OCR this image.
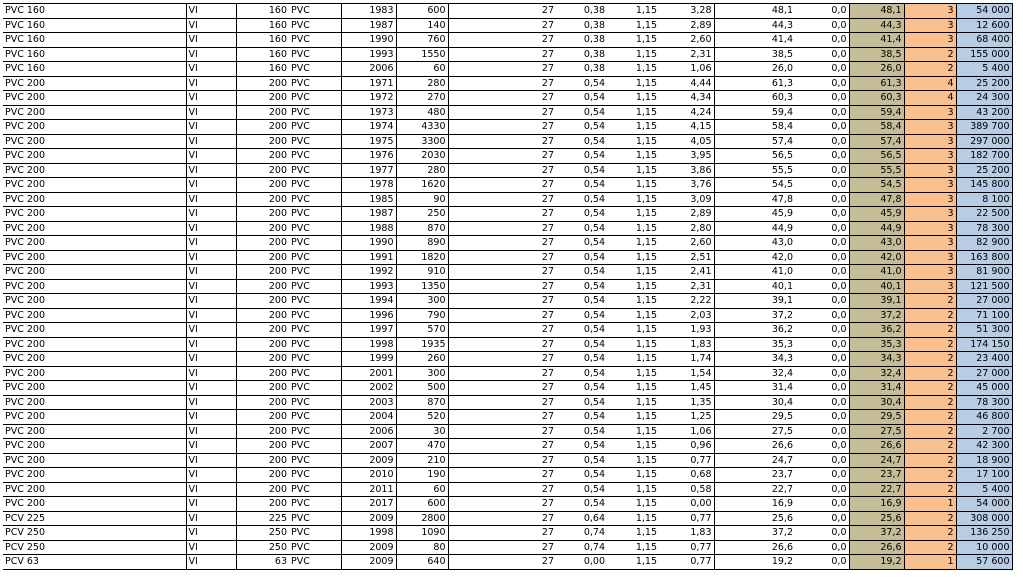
PVC 160	VI	160	PVC	1983	600	27	0,38	1,15	3,28	48,1	0,0	48,1	3	54 000
PVC 160	VI	160	PVC	1987	140	27	0,38	1,15	2,89	44,3	0,0	44,3	3	12 600
PVC 160	VI	160	PVC	1990	760	27	0,38	1,15	2,60	41,4	0,0	41,4	3	68 400
PVC 160	VI	160	PVC	1993	1550	27	0,38	1,15	2,31	38,5	0,0	38,5	2	155 000
PVC 160	VI	160	PVC	2006	60	27	0,38	1,15	1,06	26,0	0,0	26,0	2	5 400
PVC 200	VI	200	PVC	1971	280	27	0,54	1,15	4,44	61,3	0,0	61,3	4	25 200
PVC 200	VI	200	PVC	1972	270	27	0,54	1,15	4,34	60,3	0,0	60,3	4	24 300
PVC 200	VI	200	PVC	1973	480	27	0,54	1,15	4,24	59,4	0,0	59,4	3	43 200
PVC 200	VI	200	PVC	1974	4330	27	0,54	1,15	4,15	58,4	0,0	58,4	3	389 700
PVC 200	VI	200	PVC	1975	3300	27	0,54	1,15	4,05	57,4	0,0	57,4	3	297 000
PVC 200	VI	200	PVC	1976	2030	27	0,54	1,15	3,95	56,5	0,0	56,5	3	182 700
PVC 200	VI	200	PVC	1977	280	27	0,54	1,15	3,86	55,5	0,0	55,5	3	25 200
PVC 200	VI	200	PVC	1978	1620	27	0,54	1,15	3,76	54,5	0,0	54,5	3	145 800
PVC 200	VI	200	PVC	1985	90	27	0,54	1,15	3,09	47,8	0,0	47,8	3	8 100
PVC 200	VI	200	PVC	1987	250	27	0,54	1,15	2,89	45,9	0,0	45,9	3	22 500
PVC 200	VI	200	PVC	1988	870	27	0,54	1,15	2,80	44,9	0,0	44,9	3	78 300
PVC 200	VI	200	PVC	1990	890	27	0,54	1,15	2,60	43,0	0,0	43,0	3	82 900
PVC 200	VI	200	PVC	1991	1820	27	0,54	1,15	2,51	42,0	0,0	42,0	3	163 800
PVC 200	VI	200	PVC	1992	910	27	0,54	1,15	2,41	41,0	0,0	41,0	3	81 900
PVC 200	VI	200	PVC	1993	1350	27	0,54	1,15	2,31	40,1	0,0	40,1	3	121 500
PVC 200	VI	200	PVC	1994	300	27	0,54	1,15	2,22	39,1	0,0	39,1	2	27 000
PVC 200	VI	200	PVC	1996	790	27	0,54	1,15	2,03	37,2	0,0	37,2	2	71 100
PVC 200	VI	200	PVC	1997	570	27	0,54	1,15	1,93	36,2	0,0	36,2	2	51 300
PVC 200	VI	200	PVC	1998	1935	27	0,54	1,15	1,83	35,3	0,0	35,3	2	174 150
PVC 200	VI	200	PVC	1999	260	27	0,54	1,15	1,74	34,3	0,0	34,3	2	23 400
PVC 200	VI	200	PVC	2001	300	27	0,54	1,15	1,54	32,4	0,0	32,4	2	27 000
PVC 200	VI	200	PVC	2002	500	27	0,54	1,15	1,45	31,4	0,0	31,4	2	45 000
PVC 200	VI	200	PVC	2003	870	27	0,54	1,15	1,35	30,4	0,0	30,4	2	78 300
PVC 200	VI	200	PVC	2004	520	27	0,54	1,15	1,25	29,5	0,0	29,5	2	46 800
PVC 200	VI	200	PVC	2006	30	27	0,54	1,15	1,06	27,5	0,0	27,5	2	2 700
PVC 200	VI	200	PVC	2007	470	27	0,54	1,15	0,96	26,6	0,0	26,6	2	42 300
PVC 200	VI	200	PVC	2009	210	27	0,54	1,15	0,77	24,7	0,0	24,7	2	18 900
PVC 200	VI	200	PVC	2010	190	27	0,54	1,15	0,68	23,7	0,0	23,7	2	17 100
PVC 200	VI	200	PVC	2011	60	27	0,54	1,15	0,58	22,7	0,0	22,7	2	5 400
PVC 200	VI	200	PVC	2017	600	27	0,54	1,15	0,00	16,9	0,0	16,9	1	54 000
PCV 225	VI	225	PVC	2009	2800	27	0,64	1,15	0,77	25,6	0,0	25,6	2	308 000
PCV 250	VI	250	PVC	1998	1090	27	0,74	1,15	1,83	37,2	0,0	37,2	2	136 250
PCV 250	VI	250	PVC	2009	80	27	0,74	1,15	0,77	26,6	0,0	26,6	2	10 000
PCV 63	VI	63	PVC	2009	640	27	0,00	1,15	0,77	19,2	0,0	19,2	1	57 600
